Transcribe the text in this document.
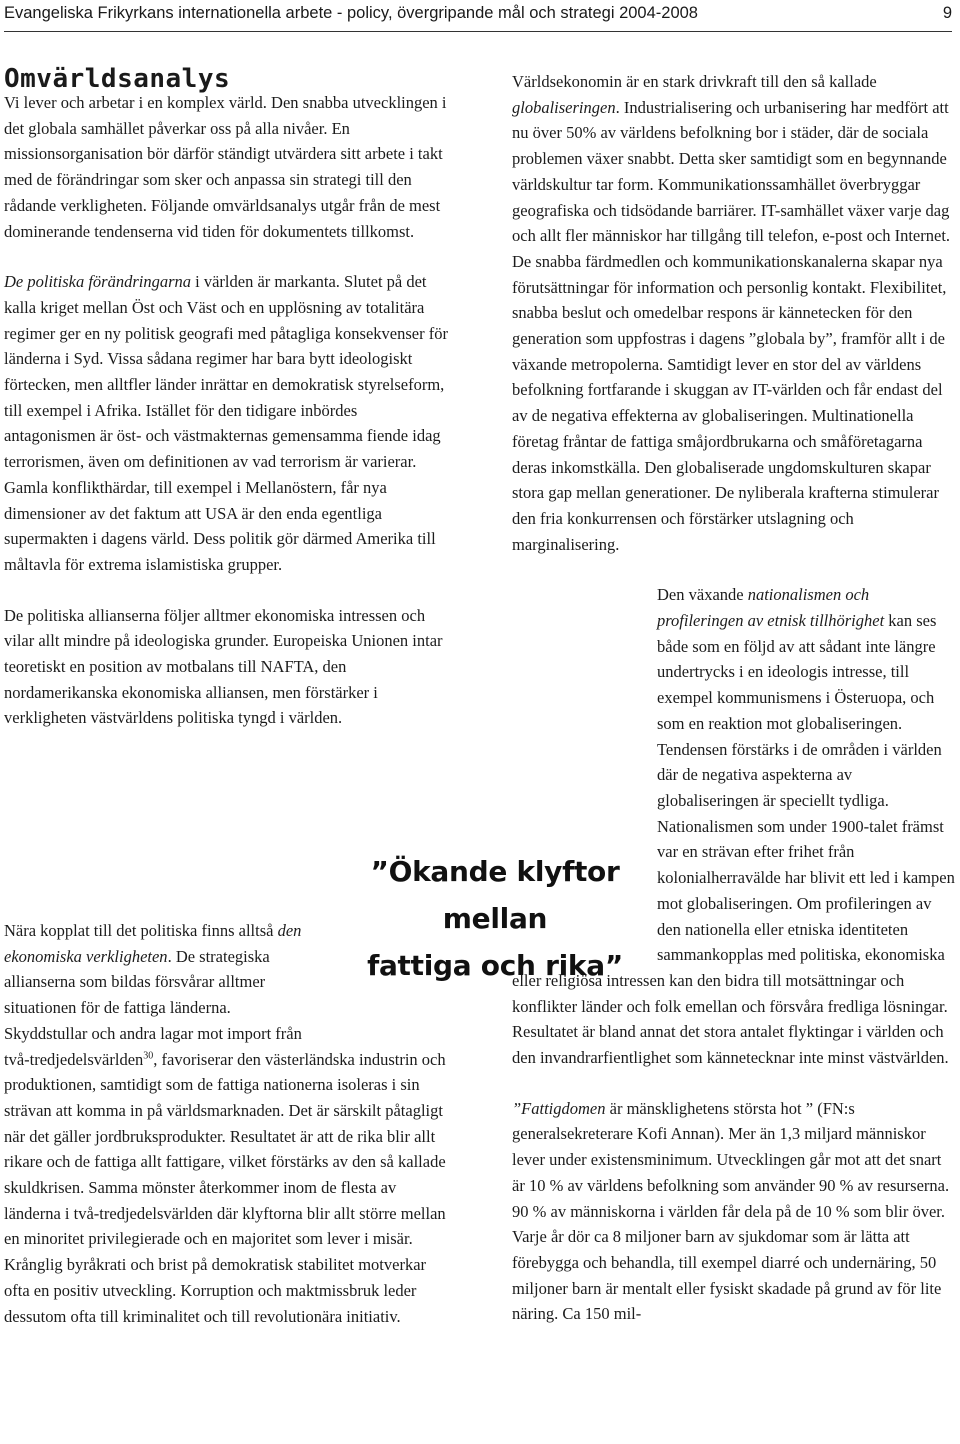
Evangeliska Frikyrkans internationella arbete - policy, övergripande mål och strategi 2004-2008	9
Omvärldsanalys

Vi lever och arbetar i en komplex värld. Den snabba utvecklingen i det globala samhället påverkar oss på alla nivåer. En missionsorganisation bör därför ständigt utvärdera sitt arbete i takt med de förändringar som sker och anpassa sin strategi till den rådande verkligheten. Följande omvärldsanalys utgår från de mest dominerande tendenserna vid tiden för dokumentets tillkomst.

De politiska förändringarna i världen är markanta. Slutet på det kalla kriget mellan Öst och Väst och en upplösning av totalitära regimer ger en ny politisk geografi med påtagliga konsekvenser för länderna i Syd. Vissa sådana regimer har bara bytt ideologiskt förtecken, men alltfler länder inrättar en demokratisk styrelseform, till exempel i Afrika. Istället för den tidigare inbördes antagonismen är öst- och västmakternas gemensamma fiende idag terrorismen, även om definitionen av vad terrorism är varierar. Gamla konflikthärdar, till exempel i Mellanöstern, får nya dimensioner av det faktum att USA är den enda egentliga supermakten i dagens värld. Dess politik gör därmed Amerika till måltavla för extrema islamistiska grupper.

De politiska allianserna följer alltmer ekonomiska intressen och vilar allt mindre på ideologiska grunder. Europeiska Unionen intar teoretiskt en position av motbalans till NAFTA, den nordamerikanska ekonomiska alliansen, men förstärker i verkligheten västvärldens politiska tyngd i världen.

Nära kopplat till det politiska finns alltså den ekonomiska verkligheten. De strategiska allianserna som bildas försvårar alltmer situationen för de fattiga länderna. Skyddstullar och andra lagar mot import från två-tredjedelsvärlden$^{30}$, favoriserar den västerländska industrin och produktionen, samtidigt som de fattiga nationerna isoleras i sin strävan att komma in på världsmarknaden. Det är särskilt påtagligt när det gäller jordbruksprodukter. Resultatet är att de rika blir allt rikare och de fattiga allt fattigare, vilket förstärks av den så kallade skuldkrisen. Samma mönster återkommer inom de flesta av länderna i två-tredjedelsvärlden där klyftorna blir allt större mellan en minoritet privilegierade och en majoritet som lever i misär. Krånglig byråkrati och brist på demokratisk stabilitet motverkar ofta en positiv utveckling. Korruption och maktmissbruk leder dessutom ofta till kriminalitet och till revolutionära initiativ.

Världsekonomin är en stark drivkraft till den så kallade globaliseringen. Industrialisering och urbanisering har medfört att nu över 50% av världens befolkning bor i städer, där de sociala problemen växer snabbt. Detta sker samtidigt som en begynnande världskultur tar form. Kommunikationssamhället överbryggar geografiska och tidsödande barriärer. IT-samhället växer varje dag och allt fler människor har tillgång till telefon, e-post och Internet. De snabba färdmedlen och kommunikationskanalerna skapar nya förutsättningar för information och personlig kontakt. Flexibilitet, snabba beslut och omedelbar respons är kännetecken för den generation som uppfostras i dagens ”globala by”, framför allt i de växande metropolerna. Samtidigt lever en stor del av världens befolkning fortfarande i skuggan av IT-världen och får endast del av de negativa effekterna av globaliseringen. Multinationella företag fråntar de fattiga småjordbrukarna och småföretagarna deras inkomstkälla. Den globaliserade ungdomskulturen skapar stora gap mellan generationer. De nyliberala krafterna stimulerar den fria konkurrensen och förstärker utslagning och marginalisering.

Den växande nationalismen och profileringen av etnisk tillhörighet kan ses både som en följd av att sådant inte längre undertrycks i en ideologis intresse, till exempel kommunismens i Österuopa, och som en reaktion mot globaliseringen. Tendensen förstärks i de områden i världen där de negativa aspekterna av globaliseringen är speciellt tydliga. Nationalismen som under 1900-talet främst var en strävan efter frihet från kolonialherravälde har blivit ett led i kampen mot globaliseringen. Om profileringen av den nationella eller etniska identiteten sammankopplas med politiska, ekonomiska eller religiösa intressen kan den bidra till motsättningar och konflikter länder och folk emellan och försvåra fredliga lösningar. Resultatet är bland annat det stora antalet flyktingar i världen och den invandrarfientlighet som kännetecknar inte minst västvärlden.

”Fattigdomen är mänsklighetens största hot ” (FN:s generalsekreterare Kofi Annan). Mer än 1,3 miljard människor lever under existensminimum. Utvecklingen går mot att det snart är 10 % av världens befolkning som använder 90 % av resurserna. 90 % av människorna i världen får dela på de 10 % som blir över. Varje år dör ca 8 miljoner barn av sjukdomar som är lätta att förebygga och behandla, till exempel diarré och undernäring, 50 miljoner barn är mentalt eller fysiskt skadade på grund av för lite näring. Ca 150 mil-

”Ökande klyftor
mellan
fattiga och rika”
